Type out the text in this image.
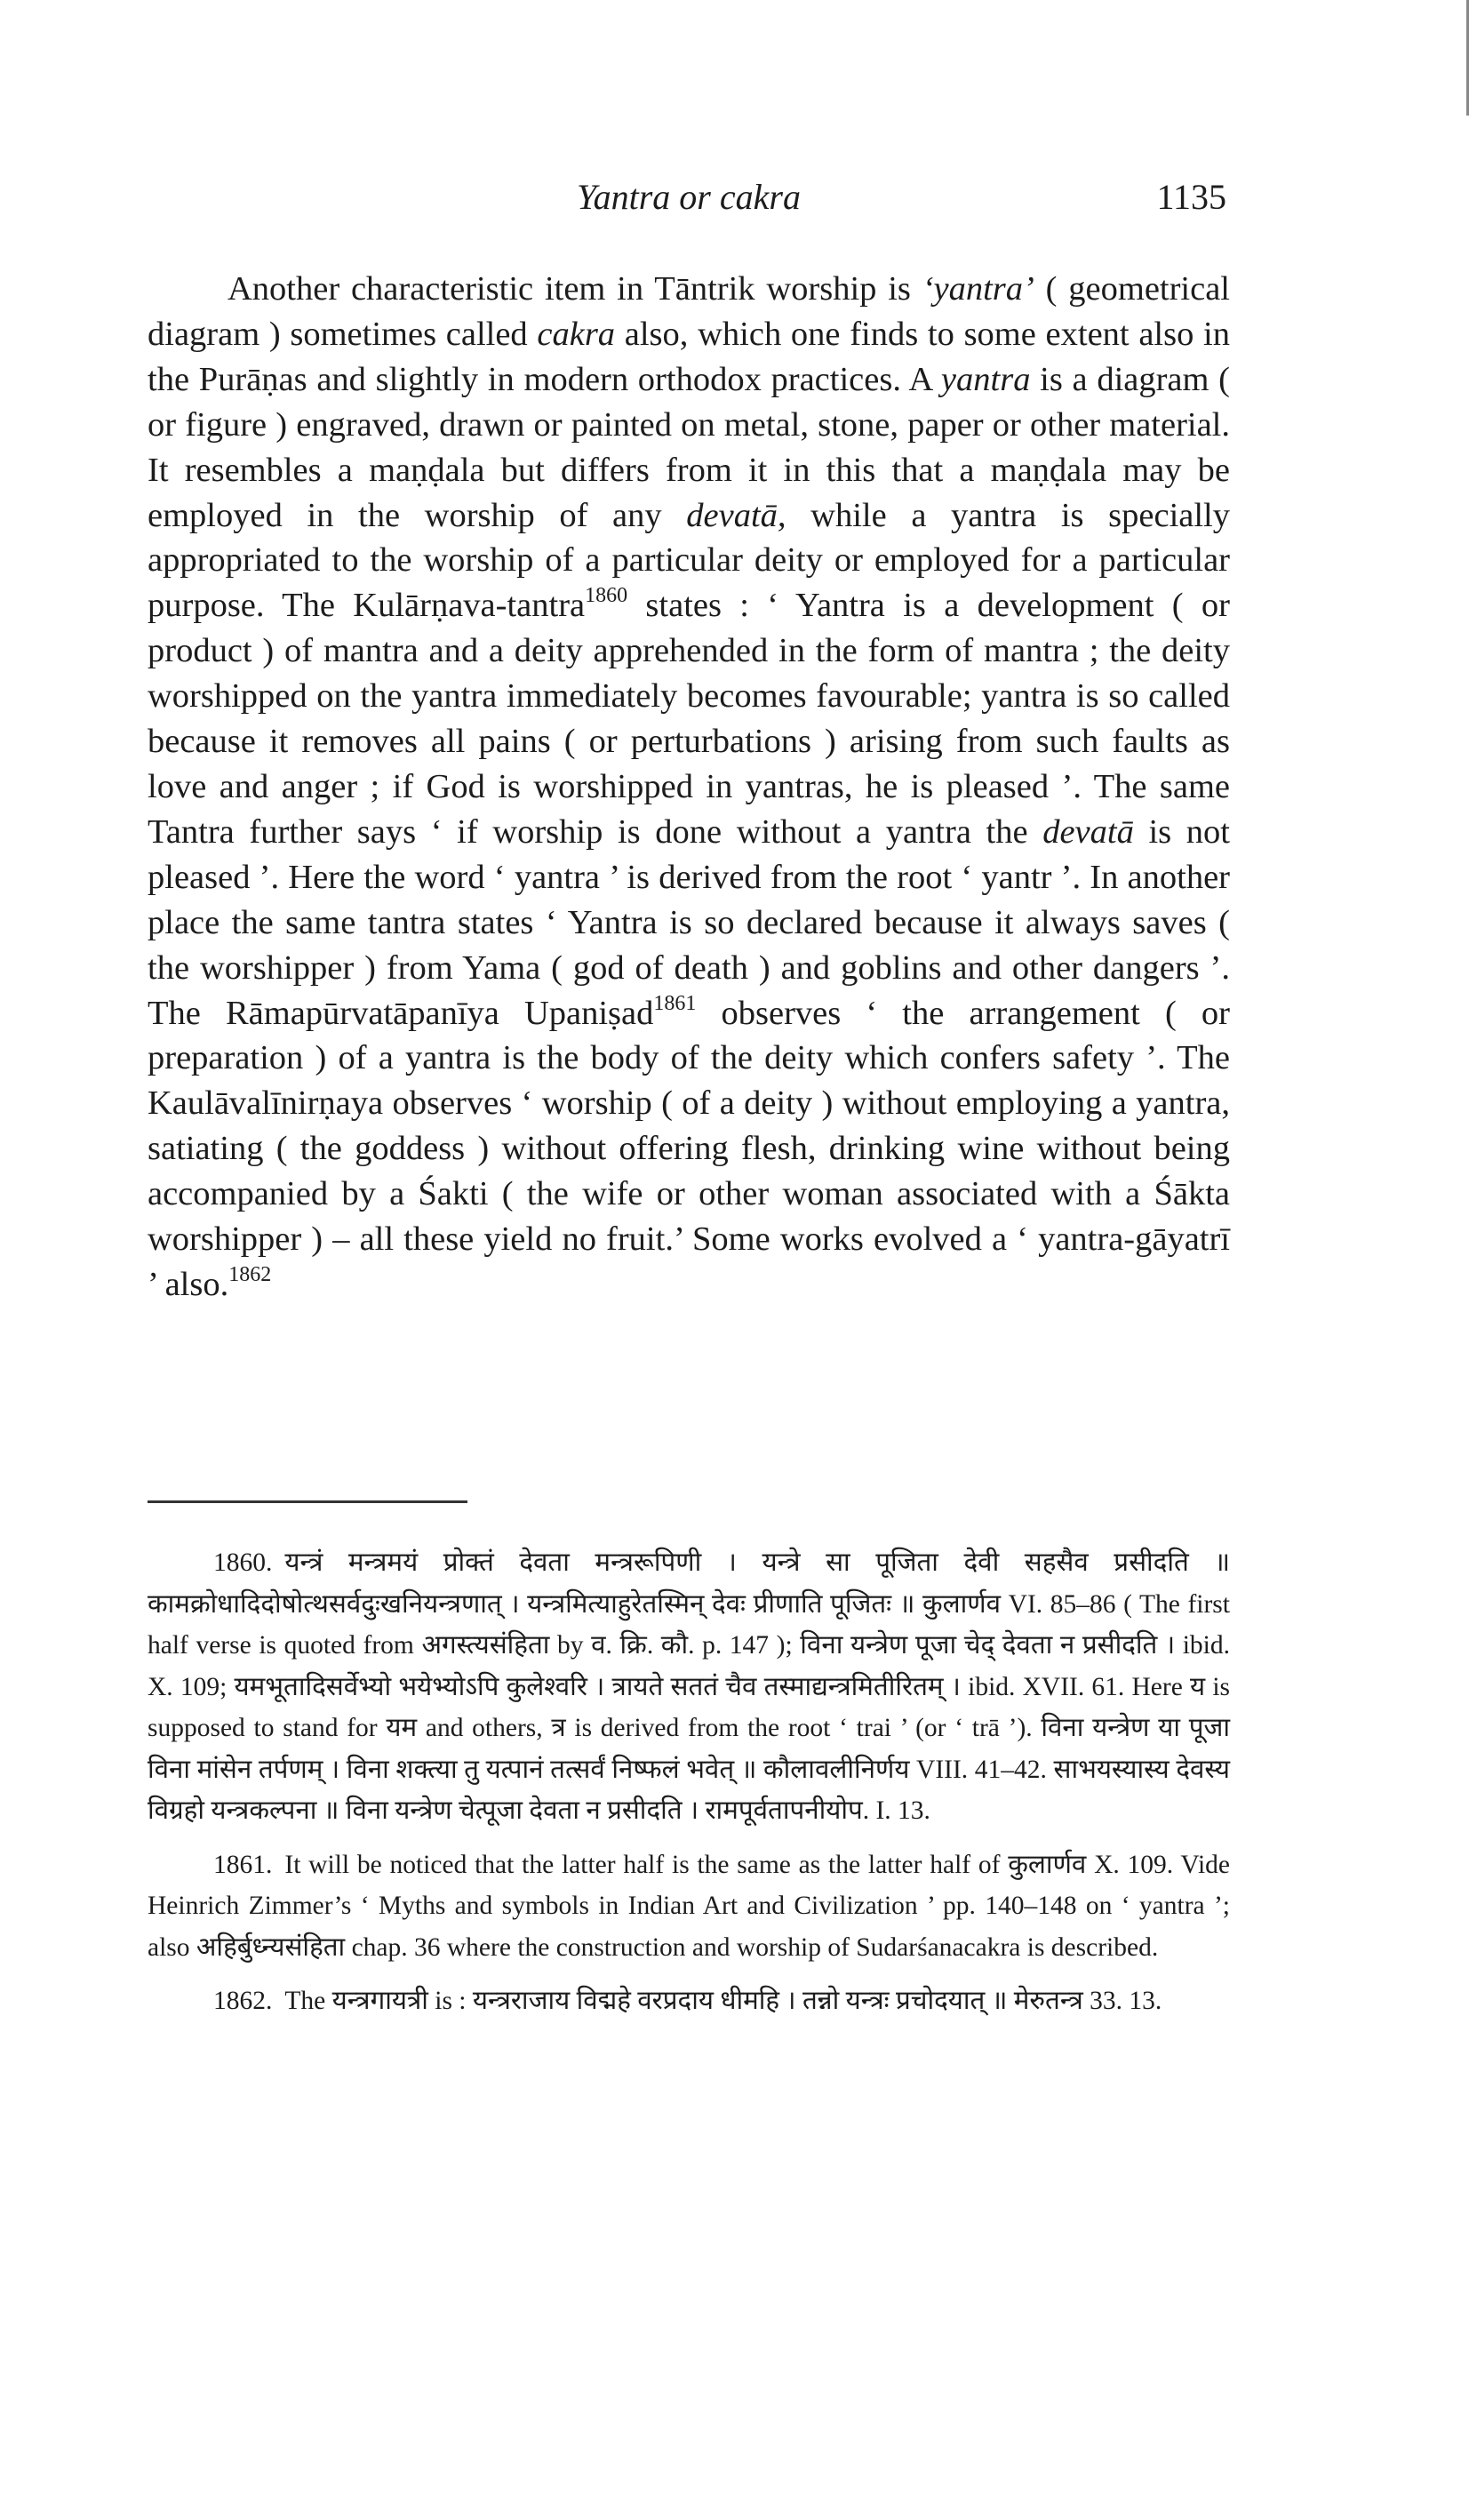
Yantra or cakra	1135

Another characteristic item in Tāntrik worship is ‘yantra’ ( geometrical diagram ) sometimes called cakra also, which one finds to some extent also in the Purāṇas and slightly in modern orthodox practices. A yantra is a diagram ( or figure ) engraved, drawn or painted on metal, stone, paper or other material. It resembles a maṇḍala but differs from it in this that a maṇḍala may be employed in the worship of any devatā, while a yantra is specially appropriated to the worship of a particular deity or employed for a particular purpose. The Kulārṇava-tantra$^{1860}$ states : ‘ Yantra is a development ( or product ) of mantra and a deity apprehended in the form of mantra ; the deity worshipped on the yantra immediately becomes favourable; yantra is so called because it removes all pains ( or perturbations ) arising from such faults as love and anger ; if God is worshipped in yantras, he is pleased ’. The same Tantra further says ‘ if worship is done without a yantra the devatā is not pleased ’. Here the word ‘ yantra ’ is derived from the root ‘ yantr ’. In another place the same tantra states ‘ Yantra is so declared because it always saves ( the worshipper ) from Yama ( god of death ) and goblins and other dangers ’. The Rāmapūrvatāpanīya Upaniṣad$^{1861}$ observes ‘ the arrangement ( or preparation ) of a yantra is the body of the deity which confers safety ’. The Kaulāvalīnirṇaya observes ‘ worship ( of a deity ) without employing a yantra, satiating ( the goddess ) without offering flesh, drinking wine without being accompanied by a Śakti ( the wife or other woman associated with a Śākta worshipper ) – all these yield no fruit.’ Some works evolved a ‘ yantra-gāyatrī ’ also.$^{1862}$

1860. यन्त्रं मन्त्रमयं प्रोक्तं देवता मन्त्ररूपिणी । यन्त्रे सा पूजिता देवी सहसैव प्रसीदति ॥ कामक्रोधादिदोषोत्थसर्वदुःखनियन्त्रणात् । यन्त्रमित्याहुरेतस्मिन् देवः प्रीणाति पूजितः ॥ कुलार्णव VI. 85–86 ( The first half verse is quoted from अगस्त्यसंहिता by व. क्रि. कौ. p. 147 ); विना यन्त्रेण पूजा चेद् देवता न प्रसीदति । ibid. X. 109; यमभूतादिसर्वेभ्यो भयेभ्योऽपि कुलेश्वरि । त्रायते सततं चैव तस्माद्यन्त्रमितीरितम् । ibid. XVII. 61. Here य is supposed to stand for यम and others, त्र is derived from the root ‘ trai ’ (or ‘ trā ’). विना यन्त्रेण या पूजा विना मांसेन तर्पणम् । विना शक्त्या तु यत्पानं तत्सर्वं निष्फलं भवेत् ॥ कौलावलीनिर्णय VIII. 41–42. साभयस्यास्य देवस्य विग्रहो यन्त्रकल्पना ॥ विना यन्त्रेण चेत्पूजा देवता न प्रसीदति । रामपूर्वतापनीयोप. I. 13.

1861. It will be noticed that the latter half is the same as the latter half of कुलार्णव X. 109. Vide Heinrich Zimmer’s ‘ Myths and symbols in Indian Art and Civilization ’ pp. 140–148 on ‘ yantra ’; also अहिर्बुध्न्यसंहिता chap. 36 where the construction and worship of Sudarśanacakra is described.

1862. The यन्त्रगायत्री is : यन्त्रराजाय विद्महे वरप्रदाय धीमहि । तन्नो यन्त्रः प्रचोदयात् ॥ मेरुतन्त्र 33. 13.
